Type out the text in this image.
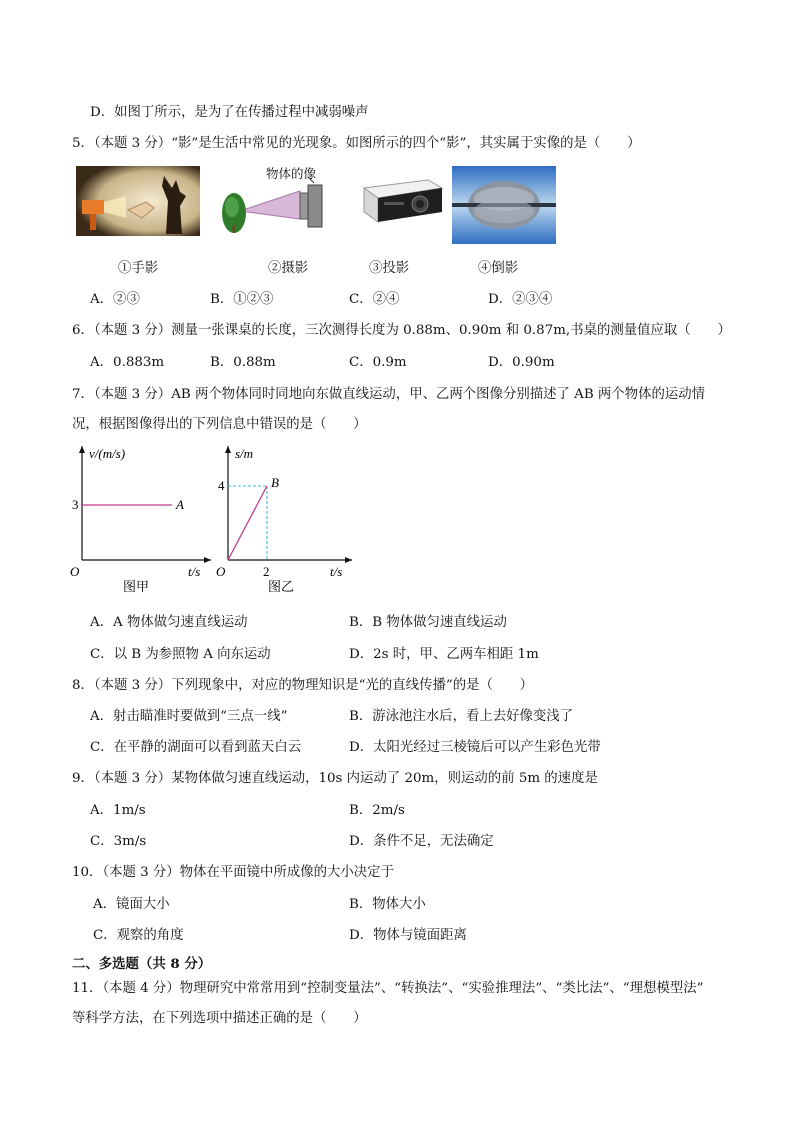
D．如图丁所示，是为了在传播过程中减弱噪声
5．（本题 3 分）“影”是生活中常见的光现象。如图所示的四个“影”，其实属于实像的是（　　）
物体的像
①手影	②摄影	③投影	④倒影
A．②③	B．①②③	C．②④	D．②③④
6．（本题 3 分）测量一张课桌的长度，三次测得长度为 0.88m、0.90m 和 0.87m,书桌的测量值应取（　　）
A．0.883m	B．0.88m	C．0.9m	D．0.90m
7．（本题 3 分）AB 两个物体同时同地向东做直线运动，甲、乙两个图像分别描述了 AB 两个物体的运动情
况，根据图像得出的下列信息中错误的是（　　）
v/(m/s)
3	A
O	t/s
图甲
s/m
4	B
O	2	t/s
图乙
A．A 物体做匀速直线运动	B．B 物体做匀速直线运动
C．以 B 为参照物 A 向东运动	D．2s 时，甲、乙两车相距 1m
8．（本题 3 分）下列现象中，对应的物理知识是“光的直线传播”的是（　　）
A．射击瞄准时要做到“三点一线”	B．游泳池注水后，看上去好像变浅了
C．在平静的湖面可以看到蓝天白云	D．太阳光经过三棱镜后可以产生彩色光带
9．（本题 3 分）某物体做匀速直线运动，10s 内运动了 20m，则运动的前 5m 的速度是
A．1m/s	B．2m/s
C．3m/s	D．条件不足，无法确定
10．（本题 3 分）物体在平面镜中所成像的大小决定于
A．镜面大小	B．物体大小
C．观察的角度	D．物体与镜面距离
二、多选题（共 8 分）
11．（本题 4 分）物理研究中常常用到“控制变量法”、“转换法”、“实验推理法”、“类比法”、“理想模型法”
等科学方法，在下列选项中描述正确的是（　　）
